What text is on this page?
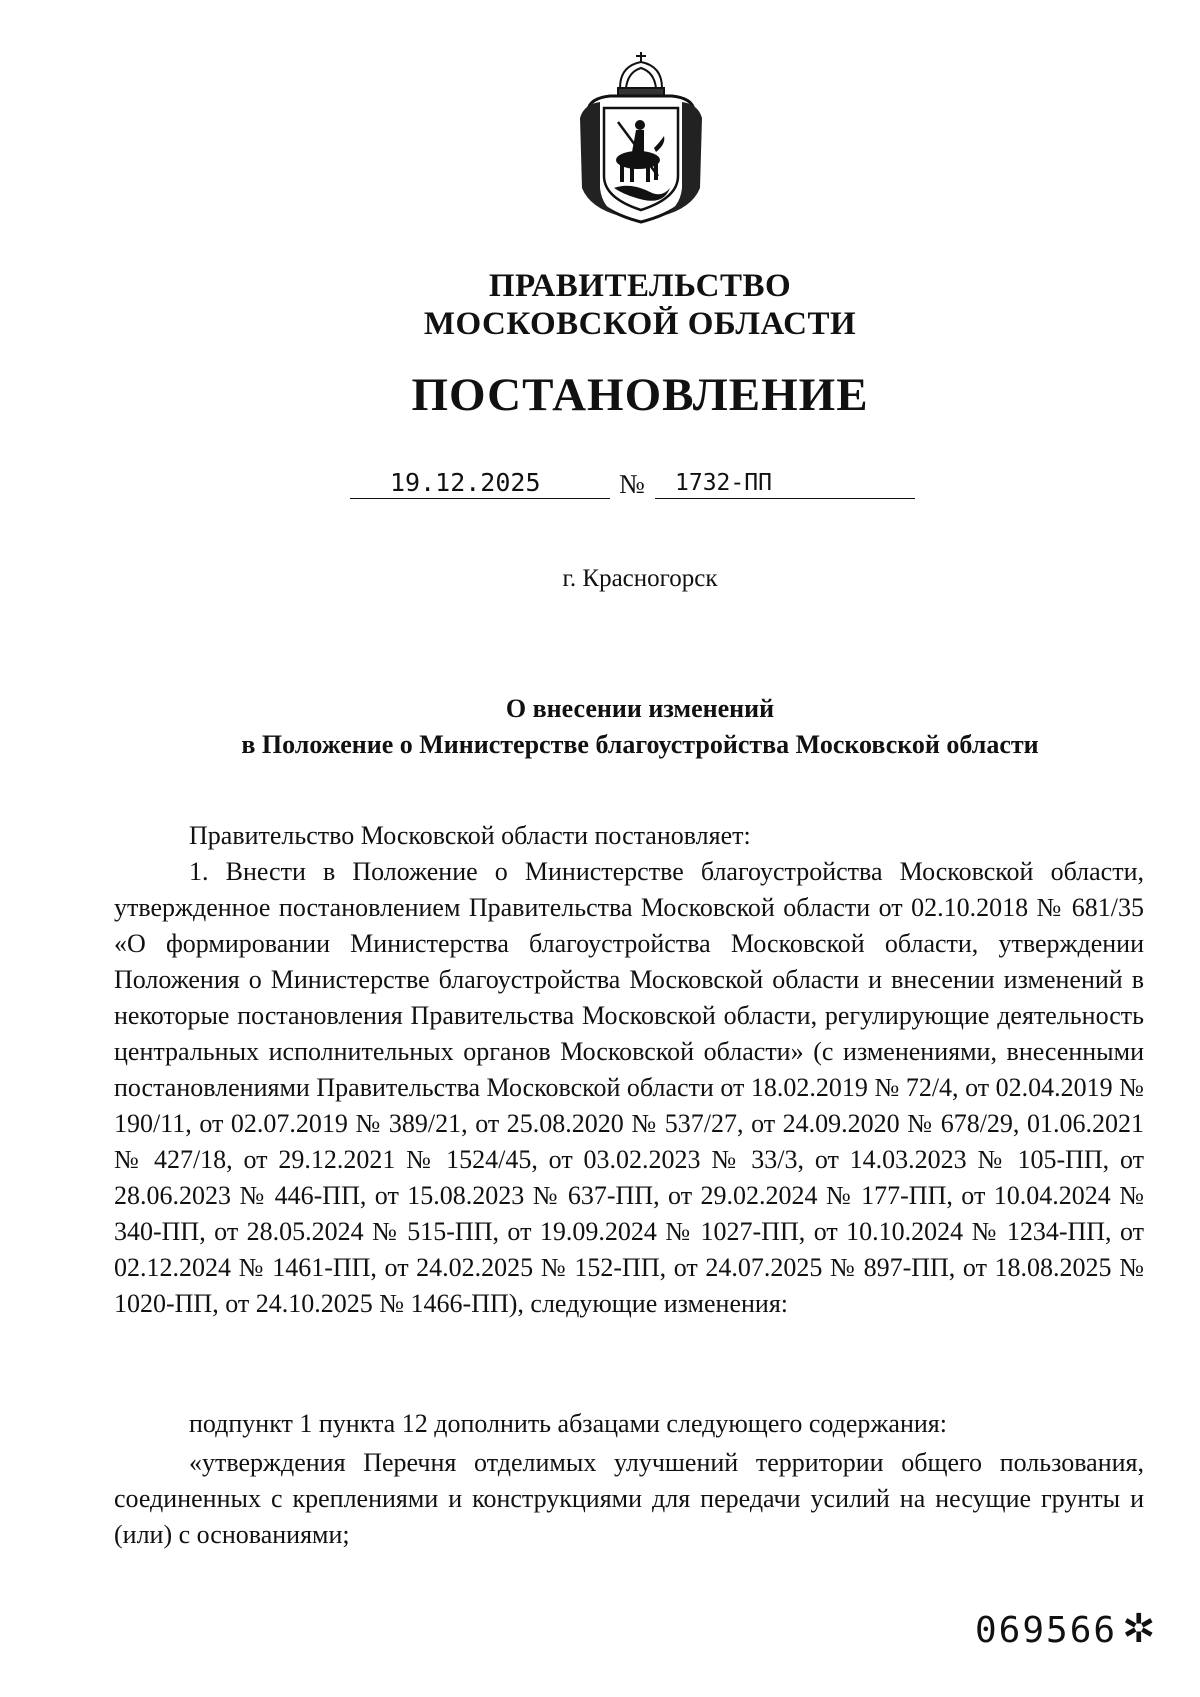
ПРАВИТЕЛЬСТВО
МОСКОВСКОЙ ОБЛАСТИ
ПОСТАНОВЛЕНИЕ
19.12.2025	№ 1732-ПП
г. Красногорск
О внесении изменений
в Положение о Министерстве благоустройства Московской области

Правительство Московской области постановляет:

1. Внести в Положение о Министерстве благоустройства Московской области, утвержденное постановлением Правительства Московской области от 02.10.2018 № 681/35 «О формировании Министерства благоустройства Московской области, утверждении Положения о Министерстве благоустройства Московской области и внесении изменений в некоторые постановления Правительства Московской области, регулирующие деятельность центральных исполнительных органов Московской области» (с изменениями, внесенными постановлениями Правительства Московской области от 18.02.2019 № 72/4, от 02.04.2019 № 190/11, от 02.07.2019 № 389/21, от 25.08.2020 № 537/27, от 24.09.2020 № 678/29, 01.06.2021 № 427/18, от 29.12.2021 № 1524/45, от 03.02.2023 № 33/3, от 14.03.2023 № 105-ПП, от 28.06.2023 № 446-ПП, от 15.08.2023 № 637-ПП, от 29.02.2024 № 177-ПП, от 10.04.2024 № 340-ПП, от 28.05.2024 № 515-ПП, от 19.09.2024 № 1027-ПП, от 10.10.2024 № 1234-ПП, от 02.12.2024 № 1461-ПП, от 24.02.2025 № 152-ПП, от 24.07.2025 № 897-ПП, от 18.08.2025 № 1020-ПП, от 24.10.2025 № 1466-ПП), следующие изменения:

подпункт 1 пункта 12 дополнить абзацами следующего содержания:

«утверждения Перечня отделимых улучшений территории общего пользования, соединенных с креплениями и конструкциями для передачи усилий на несущие грунты и (или) с основаниями;

069566 ✲
